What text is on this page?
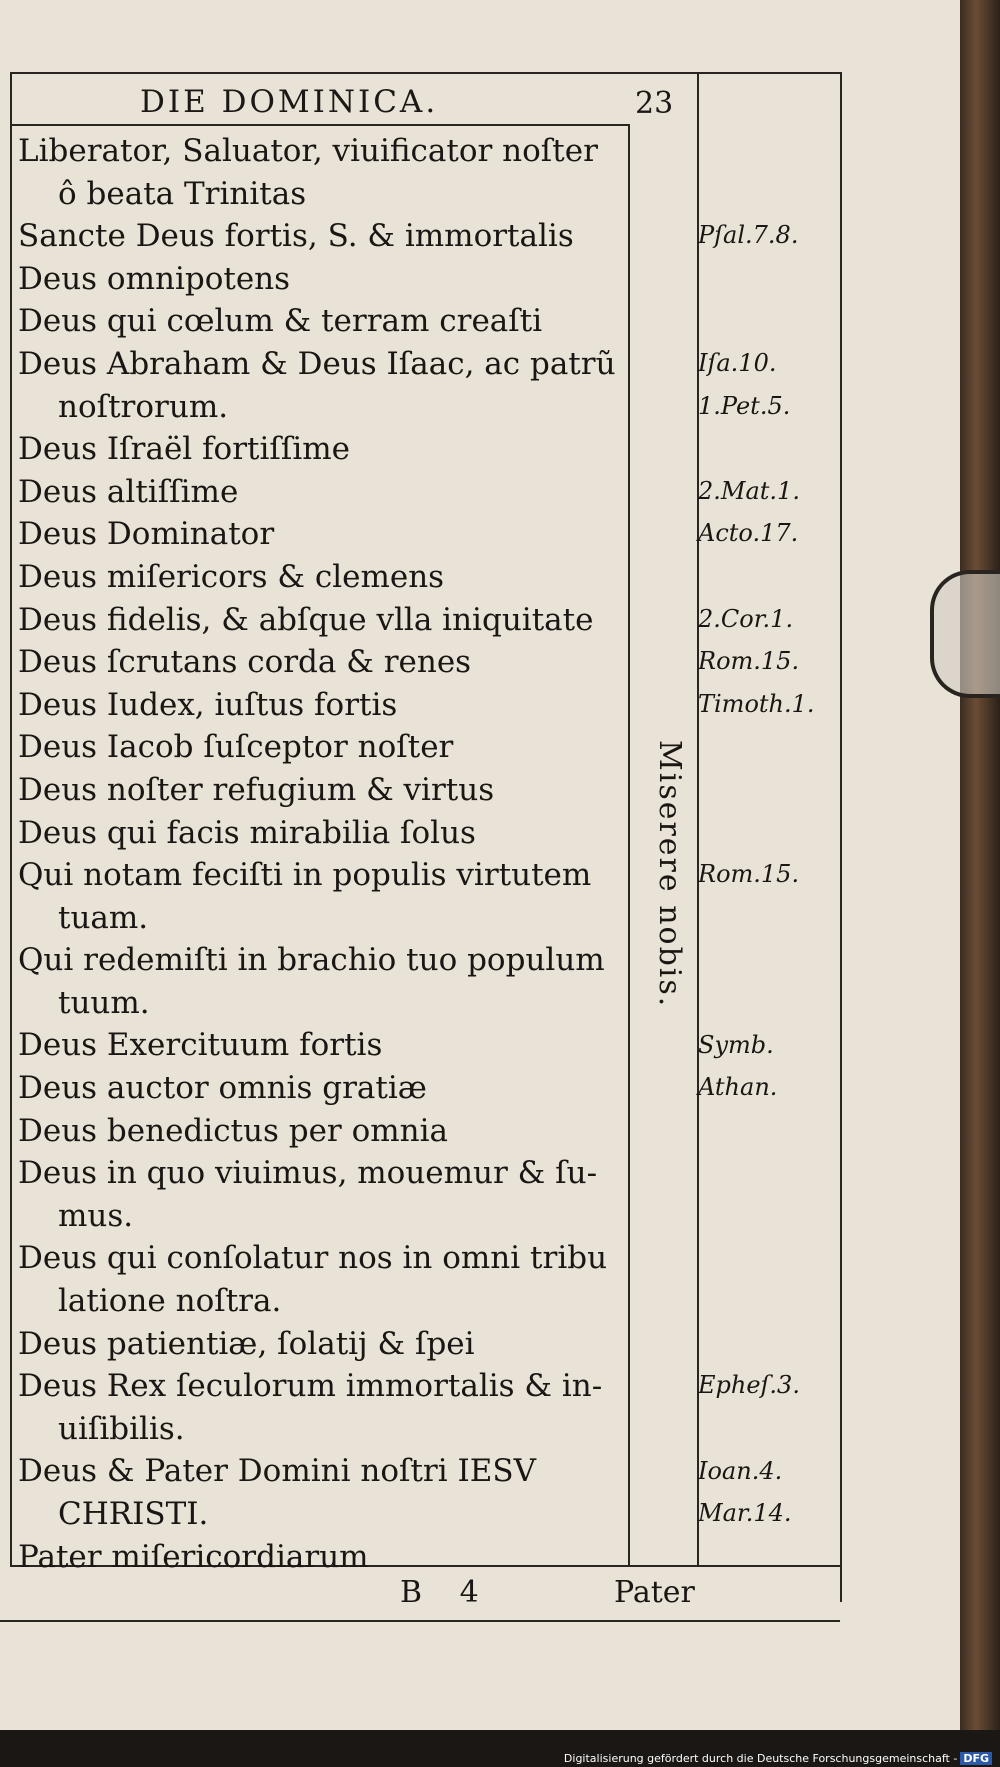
DIE DOMINICA.	23
Liberator, Saluator, viuificator noſter
ô beata Trinitas
Sancte Deus fortis, S. & immortalis
Deus omnipotens
Deus qui cœlum & terram creaſti
Deus Abraham & Deus Iſaac, ac patrũ
noſtrorum.
Deus Iſraël fortiſſime
Deus altiſſime
Deus Dominator
Deus miſericors & clemens
Deus fidelis, & abſque vlla iniquitate
Deus ſcrutans corda & renes
Deus Iudex, iuſtus fortis
Deus Iacob ſuſceptor noſter
Deus noſter refugium & virtus
Deus qui facis mirabilia ſolus
Qui notam feciſti in populis virtutem
tuam.
Qui redemiſti in brachio tuo populum
tuum.
Deus Exercituum fortis
Deus auctor omnis gratiæ
Deus benedictus per omnia
Deus in quo viuimus, mouemur & ſu-
mus.
Deus qui conſolatur nos in omni tribu
latione noſtra.
Deus patientiæ, ſolatij & ſpei
Deus Rex ſeculorum immortalis & in-
uiſibilis.
Deus & Pater Domini noſtri IESV
CHRISTI.
Pater miſericordiarum
Miserere nobis.
Pſal.7.8.
Iſa.10.
1.Pet.5.
2.Mat.1.
Acto.17.
2.Cor.1.
Rom.15.
Timoth.1.
Rom.15.
Symb.
Athan.
Epheſ.3.
Ioan.4.
Mar.14.
B 4	Pater
Digitalisierung gefördert durch die Deutsche Forschungsgemeinschaft - DFG
